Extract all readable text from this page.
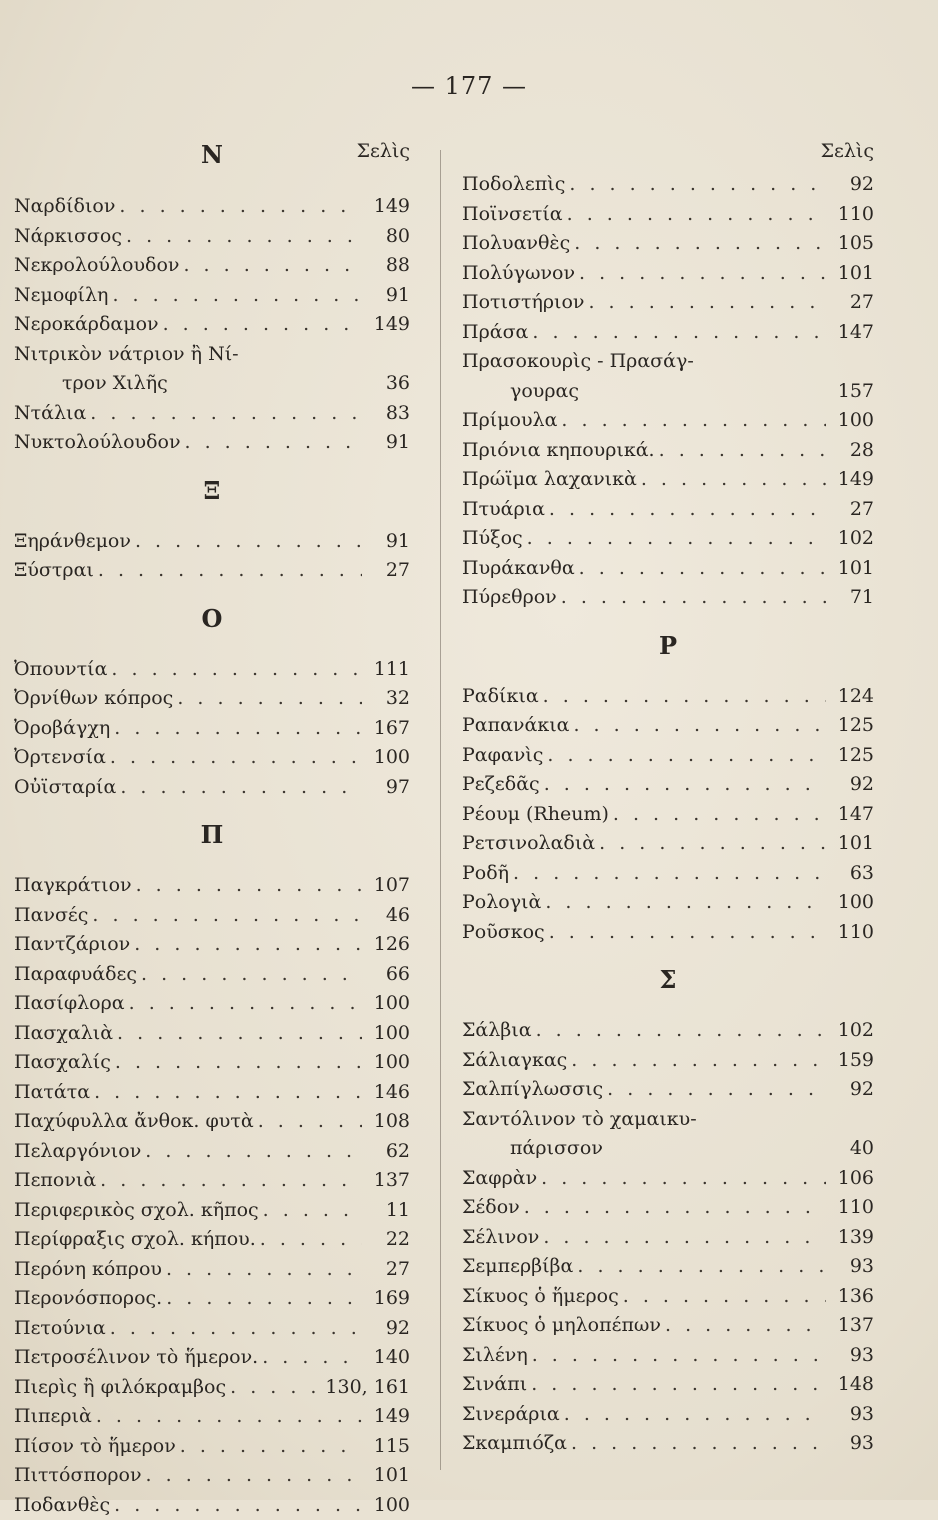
— 177 —
Σελὶς
Ν
Ναρδίδιον . . .	149
Νάρκισσος . . .	80
Νεκρολούλουδον . . .	88
Νεμοφίλη . . .	91
Νεροκάρδαμον . . .	149
Νιτρικὸν νάτριον ἢ Νί-
τρον Χιλῆς	36
Ντάλια . . .	83
Νυκτολούλουδον . . .	91
Ξ
Ξηράνθεμον . . .	91
Ξύστραι . . .	27
Ο
Ὀπουντία . . .	111
Ὀρνίθων κόπρος . . .	32
Ὀροβάγχη . . .	167
Ὀρτενσία . . .	100
Οὐϊσταρία . . .	97
Π
Παγκράτιον . . .	107
Πανσές . . .	46
Παντζάριον . . .	126
Παραφυάδες . . .	66
Πασίφλορα . . .	100
Πασχαλιὰ . . .	100
Πασχαλίς . . .	100
Πατάτα . . .	146
Παχύφυλλα ἄνθοκ. φυτὰ . . .	108
Πελαργόνιον . . .	62
Πεπονιὰ . . .	137
Περιφερικὸς σχολ. κῆπος . . .	11
Περίφραξις σχολ. κήπου. . . .	22
Περόνη κόπρου . . .	27
Περονόσπορος. . . .	169
Πετούνια . . .	92
Πετροσέλινον τὸ ἥμερον. . . .	140
Πιερὶς ἢ φιλόκραμβος . . .	130, 161
Πιπεριὰ . . .	149
Πίσον τὸ ἥμερον . . .	115
Πιττόσπορον . . .	101
Ποδανθὲς . . .	100
Σελὶς
Ποδολεπὶς . . .	92
Ποϊνσετία . . .	110
Πολυανθὲς . . .	105
Πολύγωνον . . .	101
Ποτιστήριον . . .	27
Πράσα . . .	147
Πρασοκουρὶς - Πρασάγ-
γουρας	157
Πρίμουλα . . .	100
Πριόνια κηπουρικά. . . .	28
Πρώϊμα λαχανικὰ . . .	149
Πτυάρια . . .	27
Πύξος . . .	102
Πυράκανθα . . .	101
Πύρεθρον . . .	71
Ρ
Ραδίκια . . .	124
Ραπανάκια . . .	125
Ραφανὶς . . .	125
Ρεζεδᾶς . . .	92
Ρέουμ (Rheum) . . .	147
Ρετσινολαδιὰ . . .	101
Ροδῆ . . .	63
Ρολογιὰ . . .	100
Ροῦσκος . . .	110
Σ
Σάλβια . . .	102
Σάλιαγκας . . .	159
Σαλπίγλωσσις . . .	92
Σαντόλινον τὸ χαμαικυ-
πάρισσον	40
Σαφρὰν . . .	106
Σέδον . . .	110
Σέλινον . . .	139
Σεμπερβίβα . . .	93
Σίκυος ὁ ἥμερος . . .	136
Σίκυος ὁ μηλοπέπων . . .	137
Σιλένη . . .	93
Σινάπι . . .	148
Σινεράρια . . .	93
Σκαμπιόζα . . .	93
